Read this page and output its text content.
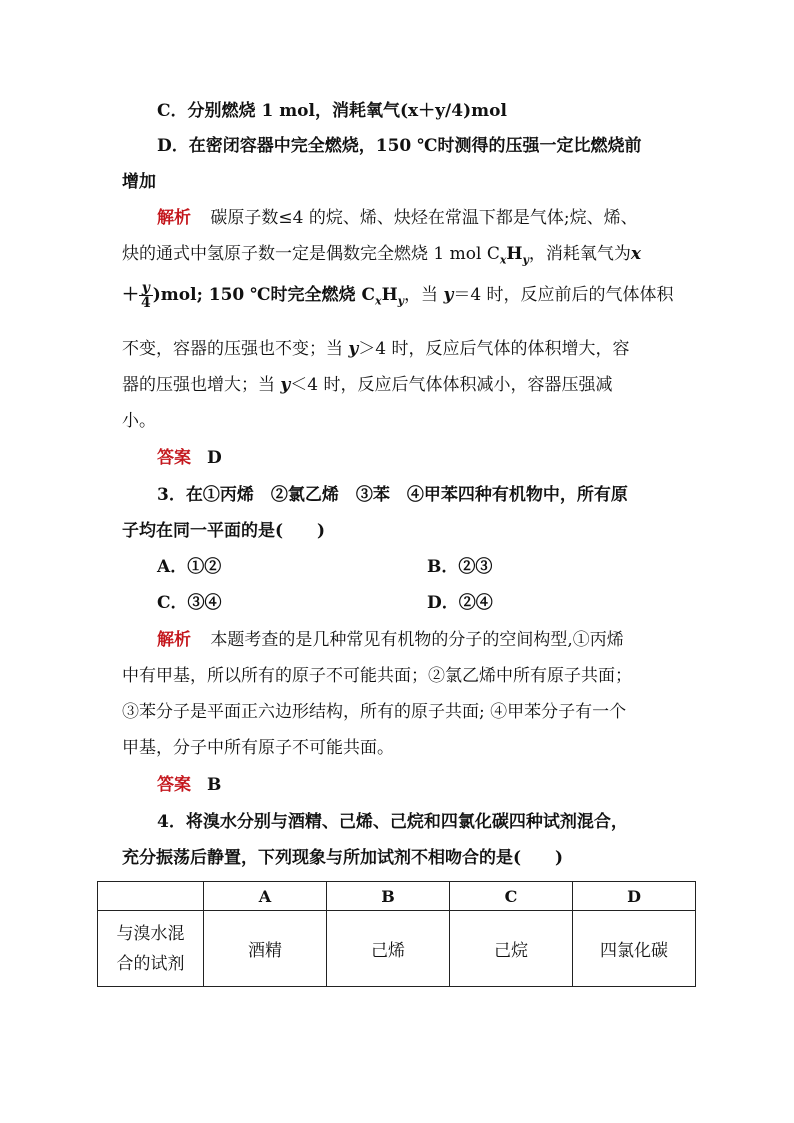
C．分别燃烧 1 mol，消耗氧气(x＋y/4)mol
D．在密闭容器中完全燃烧，150 ℃时测得的压强一定比燃烧前
增加
解析 碳原子数≤4 的烷、烯、炔烃在常温下都是气体;烷、烯、
炔的通式中氢原子数一定是偶数完全燃烧 1 mol $C_xH_y$，消耗氧气为x
＋ $\frac{y}{4} )mol$; 150 ℃时完全燃烧 $C_xH_y$，当 y＝4 时，反应前后的气体体积
不变，容器的压强也不变；当 y＞4 时，反应后气体的体积增大，容
器的压强也增大；当 y＜4 时，反应后气体体积减小，容器压强减
小。
答案 D
3．在①丙烯　②氯乙烯　③苯　④甲苯四种有机物中，所有原
子均在同一平面的是(　　)
A．①②	B．②③
C．③④	D．②④
解析 本题考查的是几种常见有机物的分子的空间构型,①丙烯
中有甲基，所以所有的原子不可能共面；②氯乙烯中所有原子共面；
③苯分子是平面正六边形结构，所有的原子共面; ④甲苯分子有一个
甲基，分子中所有原子不可能共面。
答案 B
4．将溴水分别与酒精、己烯、己烷和四氯化碳四种试剂混合，
充分振荡后静置，下列现象与所加试剂不相吻合的是(　　)
	A	B	C	D

与溴水混
合的试剂	酒精	己烯	己烷	四氯化碳
